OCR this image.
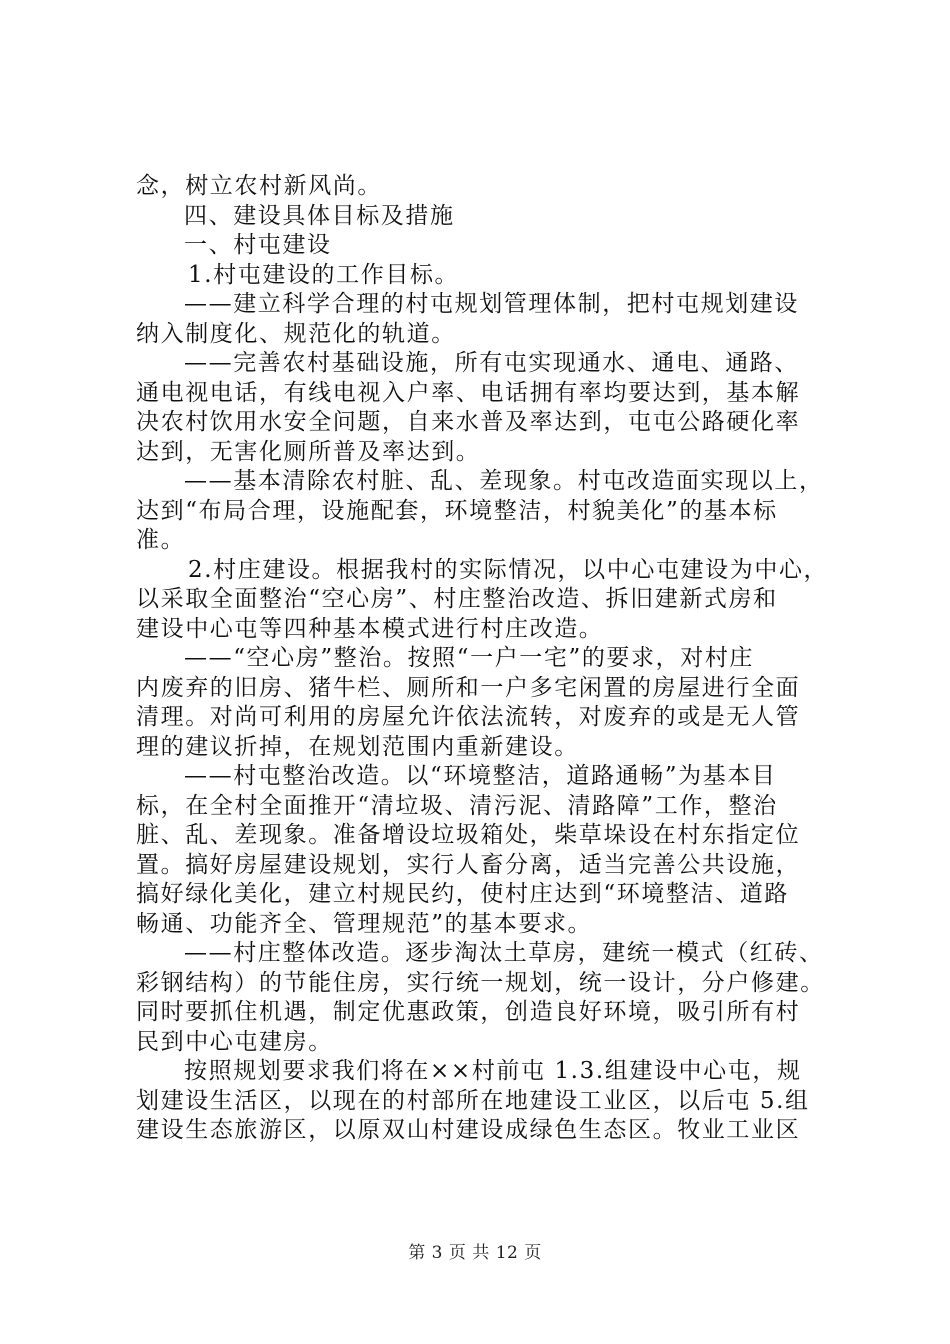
念，树立农村新风尚。
四、建设具体目标及措施
一、村屯建设
1.村屯建设的工作目标。
——建立科学合理的村屯规划管理体制，把村屯规划建设
纳入制度化、规范化的轨道。
——完善农村基础设施，所有屯实现通水、通电、通路、
通电视电话，有线电视入户率、电话拥有率均要达到，基本解
决农村饮用水安全问题，自来水普及率达到，屯屯公路硬化率
达到，无害化厕所普及率达到。
——基本清除农村脏、乱、差现象。村屯改造面实现以上，
达到“布局合理，设施配套，环境整洁，村貌美化”的基本标
准。
2.村庄建设。根据我村的实际情况，以中心屯建设为中心，
以采取全面整治“空心房”、村庄整治改造、拆旧建新式房和
建设中心屯等四种基本模式进行村庄改造。
——“空心房”整治。按照“一户一宅”的要求，对村庄
内废弃的旧房、猪牛栏、厕所和一户多宅闲置的房屋进行全面
清理。对尚可利用的房屋允许依法流转，对废弃的或是无人管
理的建议折掉，在规划范围内重新建设。
——村屯整治改造。以“环境整洁，道路通畅”为基本目
标，在全村全面推开“清垃圾、清污泥、清路障”工作，整治
脏、乱、差现象。准备增设垃圾箱处，柴草垛设在村东指定位
置。搞好房屋建设规划，实行人畜分离，适当完善公共设施，
搞好绿化美化，建立村规民约，使村庄达到“环境整洁、道路
畅通、功能齐全、管理规范”的基本要求。
——村庄整体改造。逐步淘汰土草房，建统一模式（红砖、
彩钢结构）的节能住房，实行统一规划，统一设计，分户修建。
同时要抓住机遇，制定优惠政策，创造良好环境，吸引所有村
民到中心屯建房。
按照规划要求我们将在××村前屯 1.3.组建设中心屯，规
划建设生活区，以现在的村部所在地建设工业区，以后屯 5.组
建设生态旅游区，以原双山村建设成绿色生态区。牧业工业区
第 3 页 共 12 页
